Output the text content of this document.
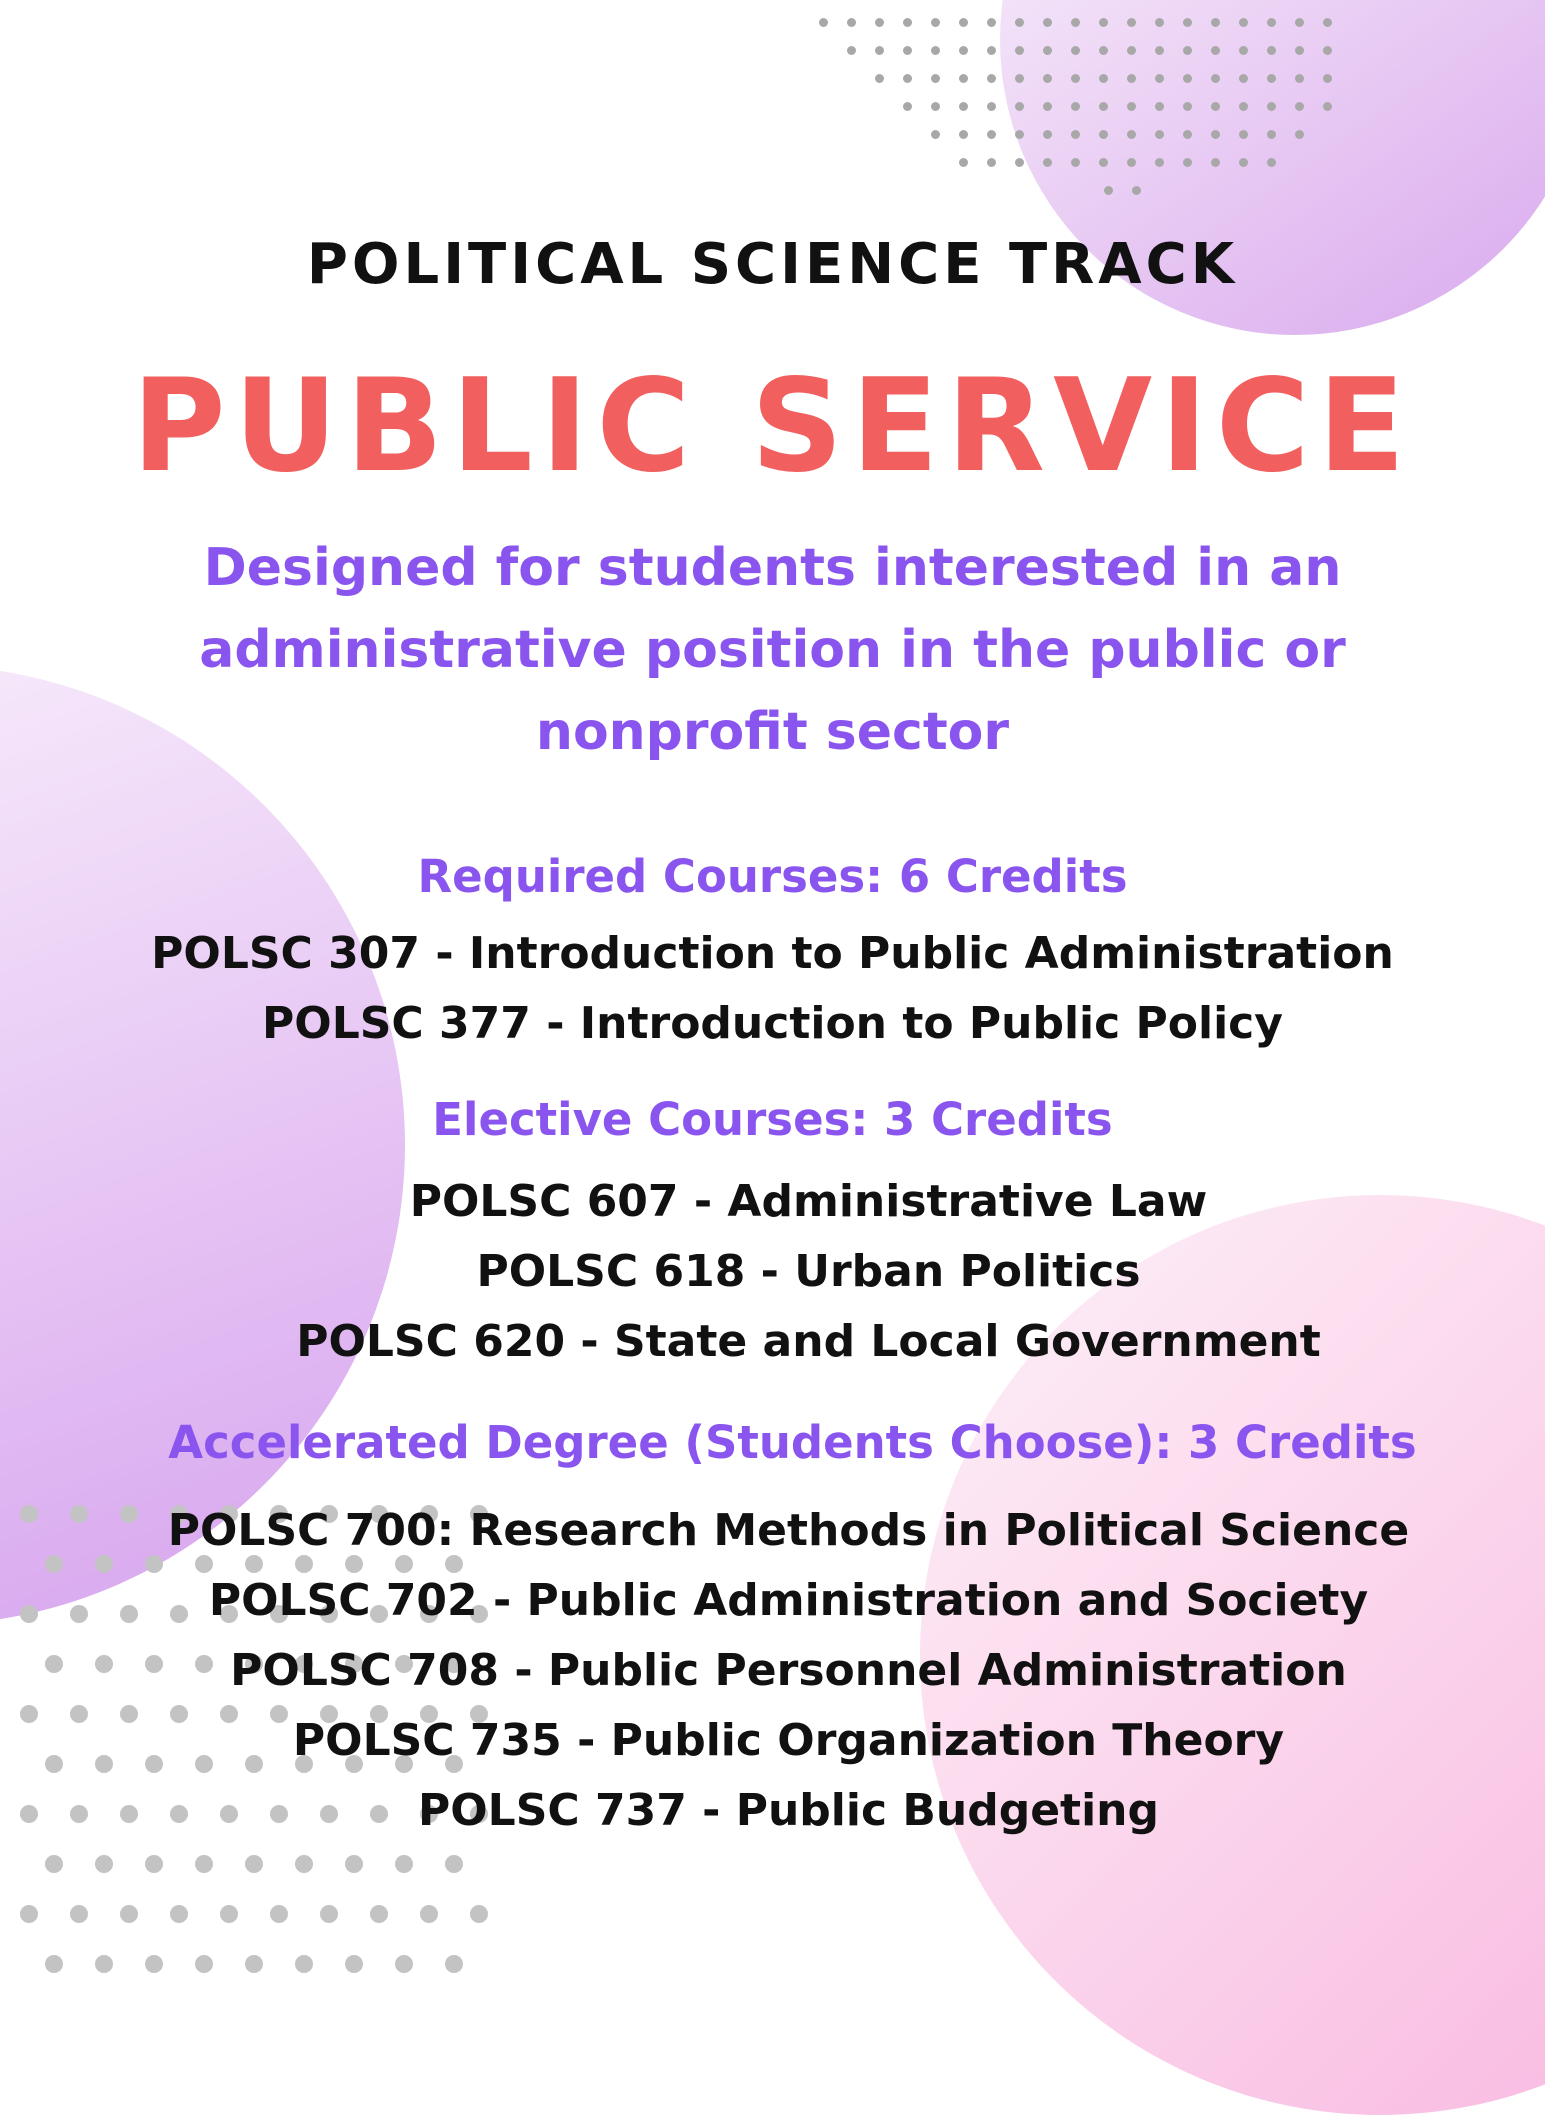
POLITICAL SCIENCE TRACK

PUBLIC SERVICE

Designed for students interested in an

administrative position in the public or

nonprofit sector

Required Courses: 6 Credits

POLSC 307 - Introduction to Public Administration

POLSC 377 - Introduction to Public Policy

Elective Courses: 3 Credits

POLSC 607 - Administrative Law

POLSC 618 - Urban Politics

POLSC 620 - State and Local Government

Accelerated Degree (Students Choose): 3 Credits

POLSC 700: Research Methods in Political Science

POLSC 702 - Public Administration and Society

POLSC 708 - Public Personnel Administration

POLSC 735 - Public Organization Theory

POLSC 737 - Public Budgeting
